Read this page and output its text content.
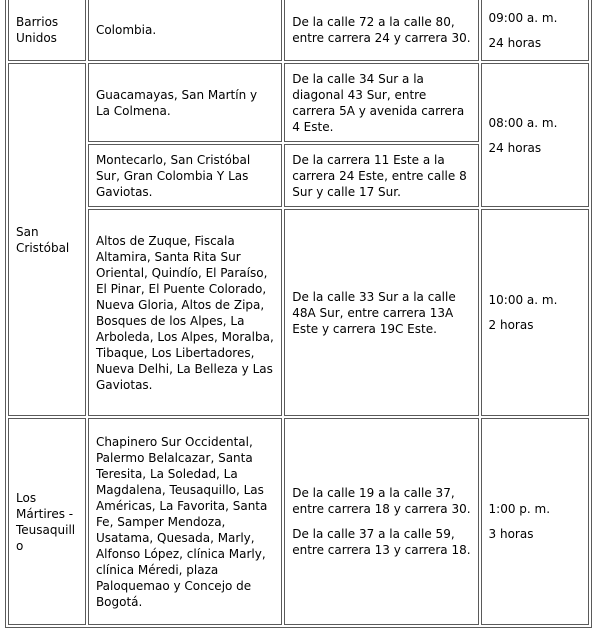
Barrios Unidos	Colombia.	De la calle 72 a la calle 80, entre carrera 24 y carrera 30.	09:00 a. m.
24 horas

San Cristóbal	Guacamayas, San Martín y La Colmena.	De la calle 34 Sur a la diagonal 43 Sur, entre carrera 5A y avenida carrera 4 Este.	08:00 a. m.
24 horas

	Montecarlo, San Cristóbal Sur, Gran Colombia Y Las Gaviotas.	De la carrera 11 Este a la carrera 24 Este, entre calle 8 Sur y calle 17 Sur.	
	Altos de Zuque, Fiscala Altamira, Santa Rita Sur Oriental, Quindío, El Paraíso, El Pinar, El Puente Colorado, Nueva Gloria, Altos de Zipa, Bosques de los Alpes, La Arboleda, Los Alpes, Moralba, Tibaque, Los Libertadores, Nueva Delhi, La Belleza y Las Gaviotas.	De la calle 33 Sur a la calle 48A Sur, entre carrera 13A Este y carrera 19C Este.	10:00 a. m.
2 horas

Los Mártires - Teusaquillo	Chapinero Sur Occidental, Palermo Belalcazar, Santa Teresita, La Soledad, La Magdalena, Teusaquillo, Las Américas, La Favorita, Santa Fe, Samper Mendoza, Usatama, Quesada, Marly, Alfonso López, clínica Marly, clínica Méredi, plaza Paloquemao y Concejo de Bogotá.	De la calle 19 a la calle 37, entre carrera 18 y carrera 30.
De la calle 37 a la calle 59, entre carrera 13 y carrera 18.	1:00 p. m.
3 horas
